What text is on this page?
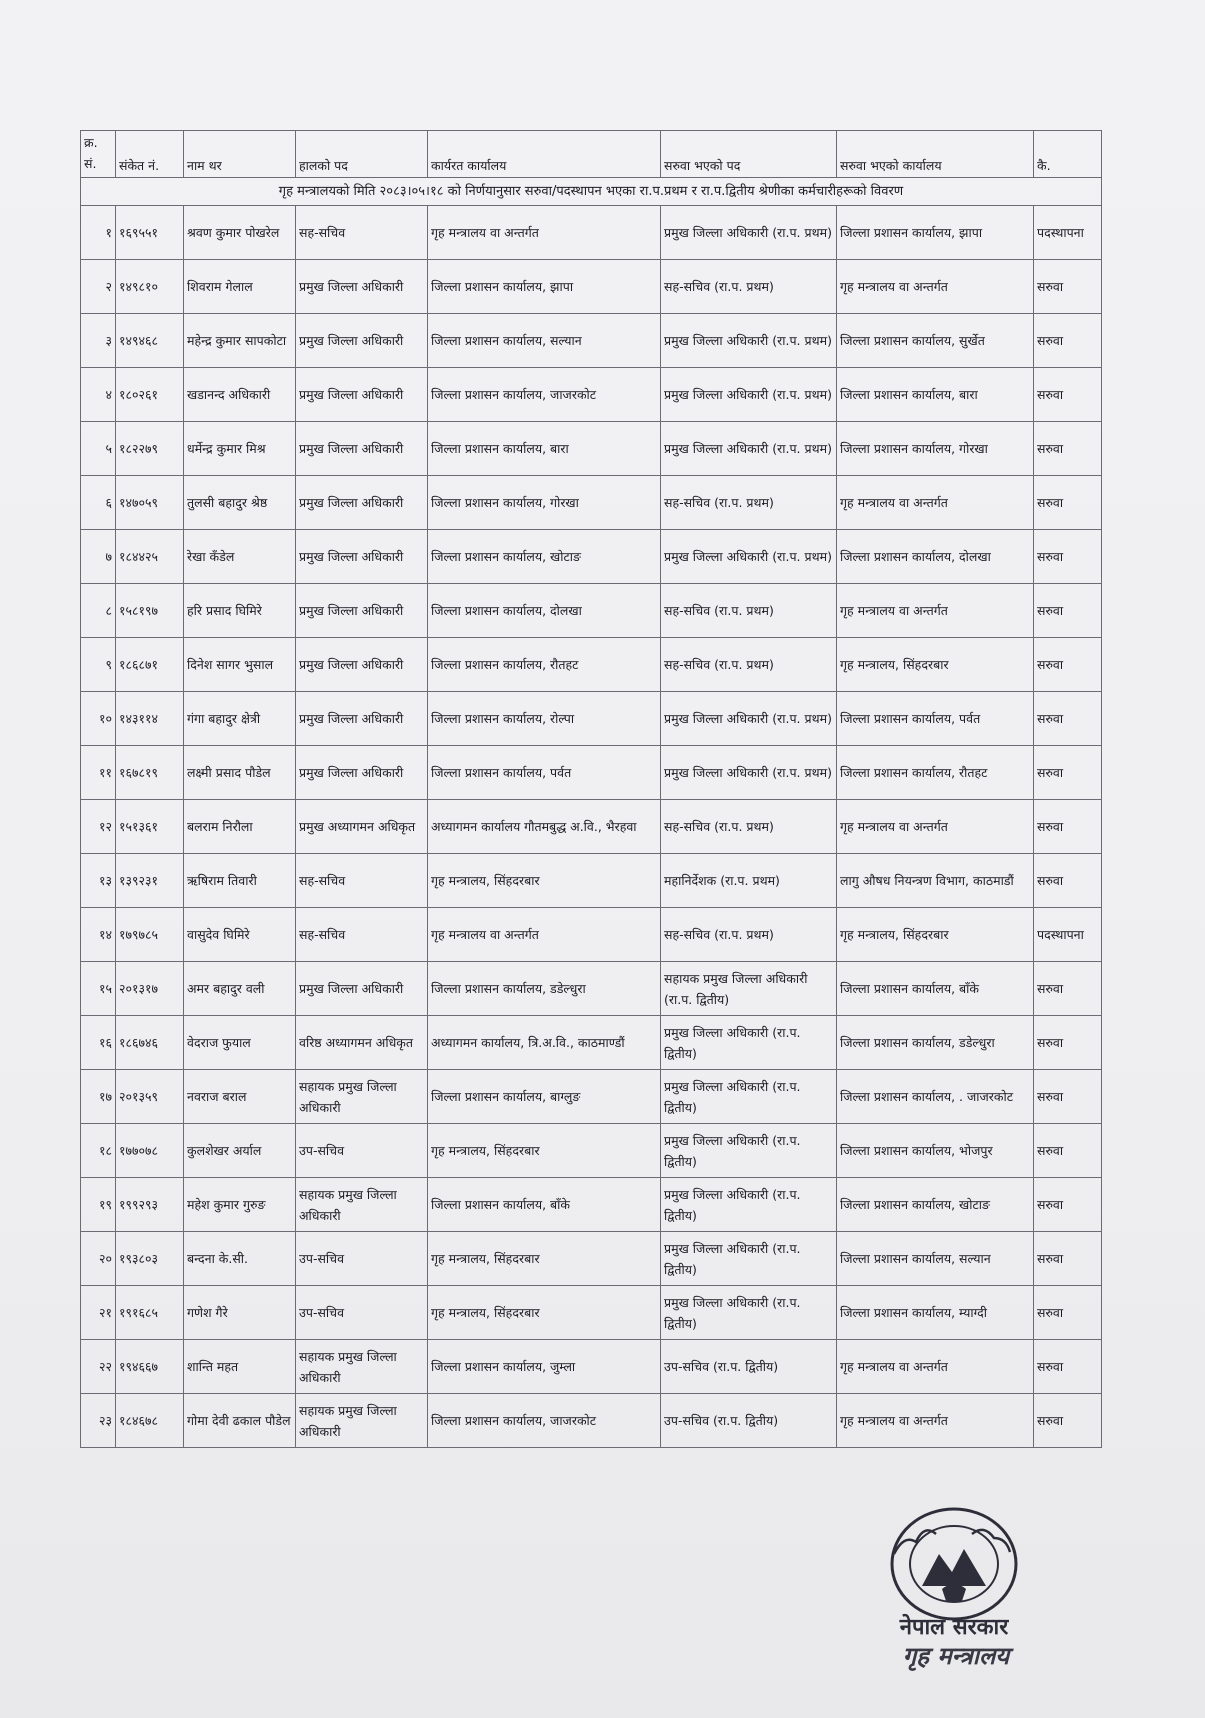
गृह मन्त्रालयको मिति २०८३।०५।१८ को निर्णयानुसार सरुवा/पदस्थापन भएका रा.प.प्रथम र रा.प.द्वितीय श्रेणीका कर्मचारीहरूको विवरण							
क्र. सं.	संकेत नं.	नाम थर	हालको पद	कार्यरत कार्यालय	सरुवा भएको पद	सरुवा भएको कार्यालय	कै.
१	१६९५५१	श्रवण कुमार पोखरेल	सह-सचिव	गृह मन्त्रालय वा अन्तर्गत	प्रमुख जिल्ला अधिकारी (रा.प. प्रथम)	जिल्ला प्रशासन कार्यालय, झापा	पदस्थापना
२	१४९८१०	शिवराम गेलाल	प्रमुख जिल्ला अधिकारी	जिल्ला प्रशासन कार्यालय, झापा	सह-सचिव (रा.प. प्रथम)	गृह मन्त्रालय वा अन्तर्गत	सरुवा
३	१४९४६८	महेन्द्र कुमार सापकोटा	प्रमुख जिल्ला अधिकारी	जिल्ला प्रशासन कार्यालय, सल्यान	प्रमुख जिल्ला अधिकारी (रा.प. प्रथम)	जिल्ला प्रशासन कार्यालय, सुर्खेत	सरुवा
४	१८०२६१	खडानन्द अधिकारी	प्रमुख जिल्ला अधिकारी	जिल्ला प्रशासन कार्यालय, जाजरकोट	प्रमुख जिल्ला अधिकारी (रा.प. प्रथम)	जिल्ला प्रशासन कार्यालय, बारा	सरुवा
५	१८२२७९	धर्मेन्द्र कुमार मिश्र	प्रमुख जिल्ला अधिकारी	जिल्ला प्रशासन कार्यालय, बारा	प्रमुख जिल्ला अधिकारी (रा.प. प्रथम)	जिल्ला प्रशासन कार्यालय, गोरखा	सरुवा
६	१४७०५९	तुलसी बहादुर श्रेष्ठ	प्रमुख जिल्ला अधिकारी	जिल्ला प्रशासन कार्यालय, गोरखा	सह-सचिव (रा.प. प्रथम)	गृह मन्त्रालय वा अन्तर्गत	सरुवा
७	१८४४२५	रेखा कँडेल	प्रमुख जिल्ला अधिकारी	जिल्ला प्रशासन कार्यालय, खोटाङ	प्रमुख जिल्ला अधिकारी (रा.प. प्रथम)	जिल्ला प्रशासन कार्यालय, दोलखा	सरुवा
८	१५८१९७	हरि प्रसाद घिमिरे	प्रमुख जिल्ला अधिकारी	जिल्ला प्रशासन कार्यालय, दोलखा	सह-सचिव (रा.प. प्रथम)	गृह मन्त्रालय वा अन्तर्गत	सरुवा
९	१८६८७१	दिनेश सागर भुसाल	प्रमुख जिल्ला अधिकारी	जिल्ला प्रशासन कार्यालय, रौतहट	सह-सचिव (रा.प. प्रथम)	गृह मन्त्रालय, सिंहदरबार	सरुवा
१०	१४३११४	गंगा बहादुर क्षेत्री	प्रमुख जिल्ला अधिकारी	जिल्ला प्रशासन कार्यालय, रोल्पा	प्रमुख जिल्ला अधिकारी (रा.प. प्रथम)	जिल्ला प्रशासन कार्यालय, पर्वत	सरुवा
११	१६७८१९	लक्ष्मी प्रसाद पौडेल	प्रमुख जिल्ला अधिकारी	जिल्ला प्रशासन कार्यालय, पर्वत	प्रमुख जिल्ला अधिकारी (रा.प. प्रथम)	जिल्ला प्रशासन कार्यालय, रौतहट	सरुवा
१२	१५१३६१	बलराम निरौला	प्रमुख अध्यागमन अधिकृत	अध्यागमन कार्यालय गौतमबुद्ध अ.वि., भैरहवा	सह-सचिव (रा.प. प्रथम)	गृह मन्त्रालय वा अन्तर्गत	सरुवा
१३	१३९२३१	ऋषिराम तिवारी	सह-सचिव	गृह मन्त्रालय, सिंहदरबार	महानिर्देशक (रा.प. प्रथम)	लागु औषध नियन्त्रण विभाग, काठमाडौं	सरुवा
१४	१७९७८५	वासुदेव घिमिरे	सह-सचिव	गृह मन्त्रालय वा अन्तर्गत	सह-सचिव (रा.प. प्रथम)	गृह मन्त्रालय, सिंहदरबार	पदस्थापना
१५	२०१३१७	अमर बहादुर वली	प्रमुख जिल्ला अधिकारी	जिल्ला प्रशासन कार्यालय, डडेल्धुरा	सहायक प्रमुख जिल्ला अधिकारी (रा.प. द्वितीय)	जिल्ला प्रशासन कार्यालय, बाँके	सरुवा
१६	१८६७४६	वेदराज फुयाल	वरिष्ठ अध्यागमन अधिकृत	अध्यागमन कार्यालय, त्रि.अ.वि., काठमाण्डौं	प्रमुख जिल्ला अधिकारी (रा.प. द्वितीय)	जिल्ला प्रशासन कार्यालय, डडेल्धुरा	सरुवा
१७	२०१३५९	नवराज बराल	सहायक प्रमुख जिल्ला अधिकारी	जिल्ला प्रशासन कार्यालय, बाग्लुङ	प्रमुख जिल्ला अधिकारी (रा.प. द्वितीय)	जिल्ला प्रशासन कार्यालय, . जाजरकोट	सरुवा
१८	१७७०७८	कुलशेखर अर्याल	उप-सचिव	गृह मन्त्रालय, सिंहदरबार	प्रमुख जिल्ला अधिकारी (रा.प. द्वितीय)	जिल्ला प्रशासन कार्यालय, भोजपुर	सरुवा
१९	१९९२९३	महेश कुमार गुरुङ	सहायक प्रमुख जिल्ला अधिकारी	जिल्ला प्रशासन कार्यालय, बाँके	प्रमुख जिल्ला अधिकारी (रा.प. द्वितीय)	जिल्ला प्रशासन कार्यालय, खोटाङ	सरुवा
२०	१९३८०३	बन्दना के.सी.	उप-सचिव	गृह मन्त्रालय, सिंहदरबार	प्रमुख जिल्ला अधिकारी (रा.प. द्वितीय)	जिल्ला प्रशासन कार्यालय, सल्यान	सरुवा
२१	१९१६८५	गणेश गैरे	उप-सचिव	गृह मन्त्रालय, सिंहदरबार	प्रमुख जिल्ला अधिकारी (रा.प. द्वितीय)	जिल्ला प्रशासन कार्यालय, म्याग्दी	सरुवा
२२	१९४६६७	शान्ति महत	सहायक प्रमुख जिल्ला अधिकारी	जिल्ला प्रशासन कार्यालय, जुम्ला	उप-सचिव (रा.प. द्वितीय)	गृह मन्त्रालय वा अन्तर्गत	सरुवा
२३	१८४६७८	गोमा देवी ढकाल पौडेल	सहायक प्रमुख जिल्ला अधिकारी	जिल्ला प्रशासन कार्यालय, जाजरकोट	उप-सचिव (रा.प. द्वितीय)	गृह मन्त्रालय वा अन्तर्गत	सरुवा
नेपाल सरकार
गृह मन्त्रालय
